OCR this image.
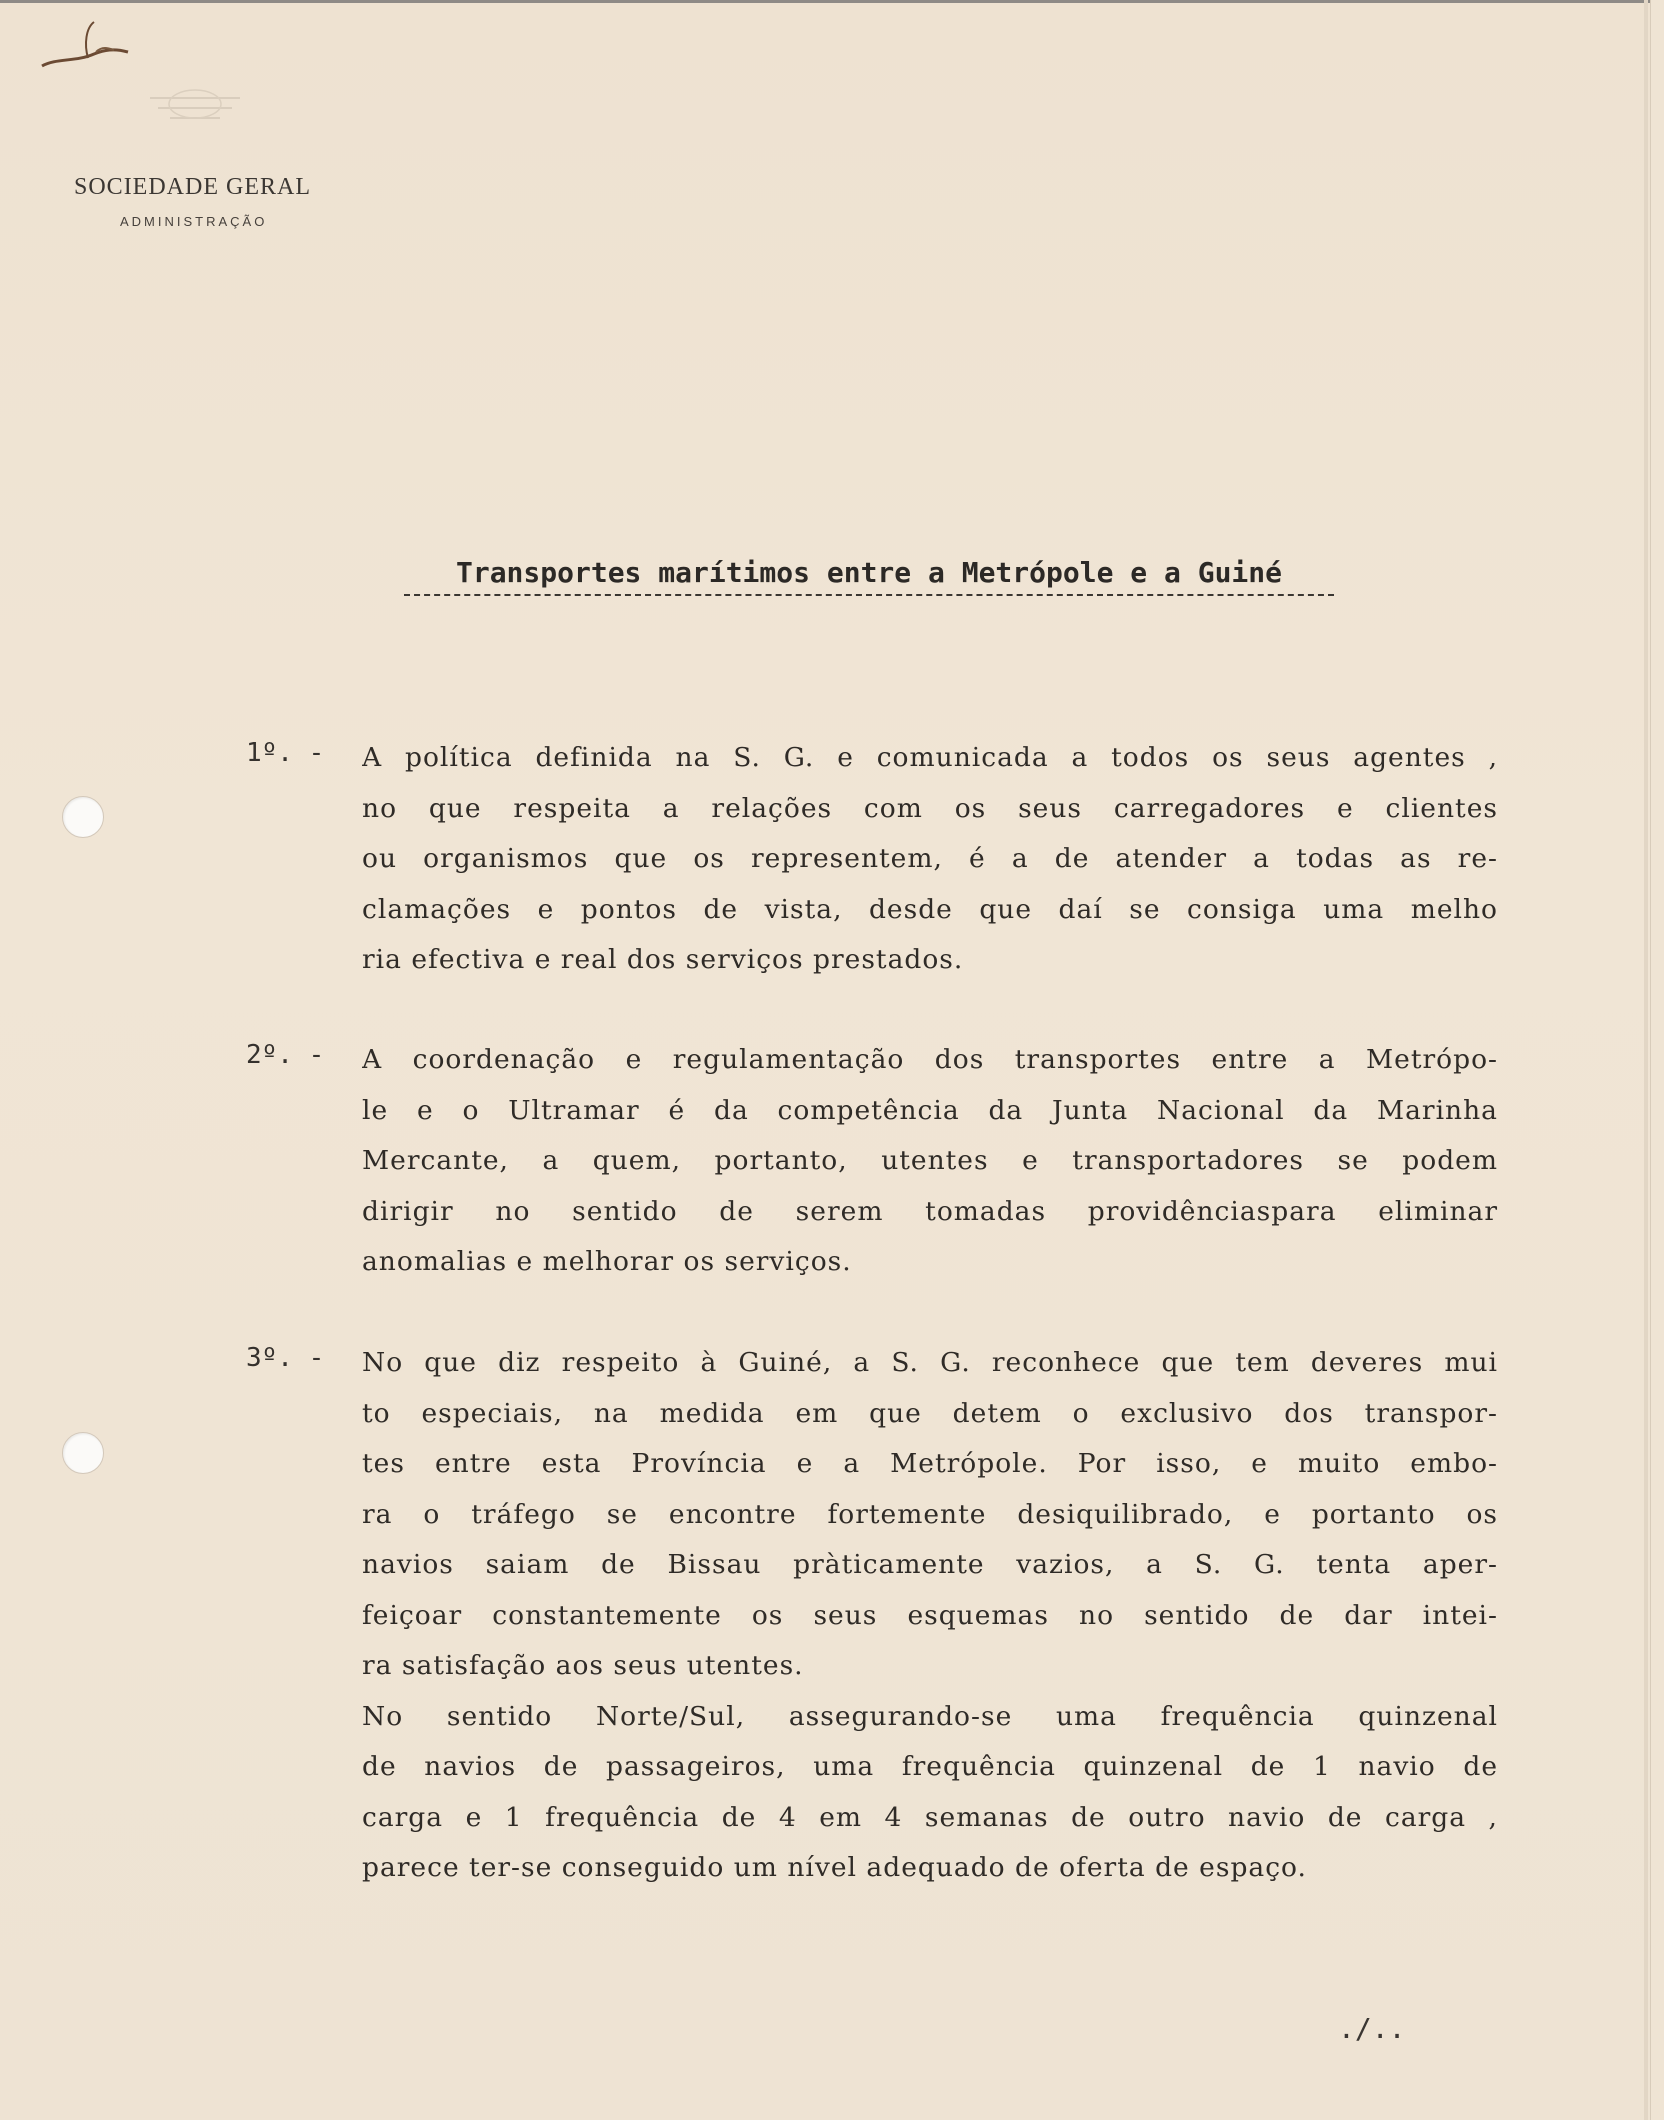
SOCIEDADE GERAL
ADMINISTRAÇÃO
Transportes marítimos entre a Metrópole e a Guiné
1º. -	A política definida na S. G. e comunicada a todos os seus agentes ,
no que respeita a relações com os seus carregadores e clientes
ou organismos que os representem, é a de atender a todas as re-
clamações e pontos de vista, desde que daí se consiga uma melho
ria efectiva e real dos serviços prestados.
2º. -	A coordenação e regulamentação dos transportes entre a Metrópo-
le e o Ultramar é da competência da Junta Nacional da Marinha
Mercante, a quem, portanto, utentes e transportadores se podem
dirigir no sentido de serem tomadas providênciaspara eliminar
anomalias e melhorar os serviços.
3º. -	No que diz respeito à Guiné, a S. G. reconhece que tem deveres mui
to especiais, na medida em que detem o exclusivo dos transpor-
tes entre esta Província e a Metrópole. Por isso, e muito embo-
ra o tráfego se encontre fortemente desiquilibrado, e portanto os
navios saiam de Bissau pràticamente vazios, a S. G. tenta aper-
feiçoar constantemente os seus esquemas no sentido de dar intei-
ra satisfação aos seus utentes.
No sentido Norte/Sul, assegurando-se uma frequência quinzenal
de navios de passageiros, uma frequência quinzenal de 1 navio de
carga e 1 frequência de 4 em 4 semanas de outro navio de carga ,
parece ter-se conseguido um nível adequado de oferta de espaço.
./..
